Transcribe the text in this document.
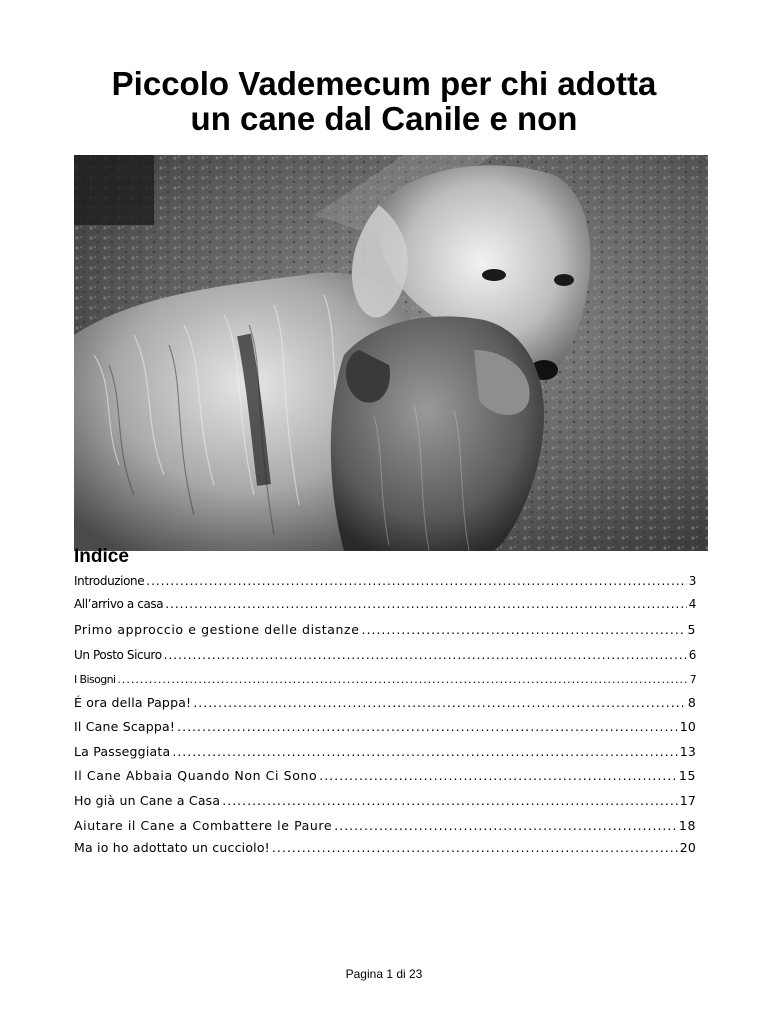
Piccolo Vademecum per chi adotta
un cane dal Canile e non
Indice
Introduzione .....	3
All’arrivo a casa .....	4
Primo approccio e gestione delle distanze .....	5
Un Posto Sicuro .....	6
I Bisogni .....	7
É ora della Pappa! .....	8
Il Cane Scappa! .....	10
La Passeggiata .....	13
Il Cane Abbaia Quando Non Ci Sono .....	15
Ho già un Cane a Casa .....	17
Aiutare il Cane a Combattere le Paure .....	18
Ma io ho adottato un cucciolo! .....	20
Pagina 1 di 23
